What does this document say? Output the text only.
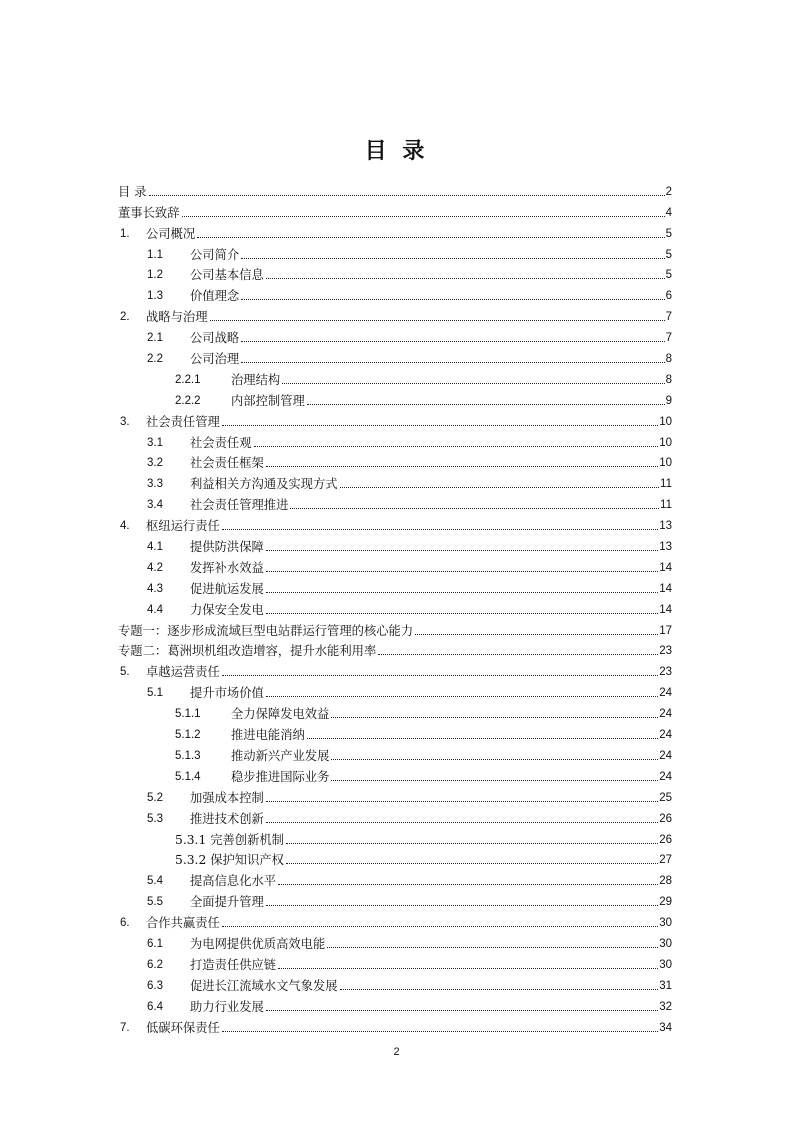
目 录
目 录	2
董事长致辞	4
1. 公司概况	5
1.1 公司简介	5
1.2 公司基本信息	5
1.3 价值理念	6
2. 战略与治理	7
2.1 公司战略	7
2.2 公司治理	8
2.2.1 治理结构	8
2.2.2 内部控制管理	9
3. 社会责任管理	10
3.1 社会责任观	10
3.2 社会责任框架	10
3.3 利益相关方沟通及实现方式	11
3.4 社会责任管理推进	11
4. 枢纽运行责任	13
4.1 提供防洪保障	13
4.2 发挥补水效益	14
4.3 促进航运发展	14
4.4 力保安全发电	14
专题一：逐步形成流域巨型电站群运行管理的核心能力	17
专题二：葛洲坝机组改造增容，提升水能利用率	23
5. 卓越运营责任	23
5.1 提升市场价值	24
5.1.1 全力保障发电效益	24
5.1.2 推进电能消纳	24
5.1.3 推动新兴产业发展	24
5.1.4 稳步推进国际业务	24
5.2 加强成本控制	25
5.3 推进技术创新	26
5.3.1 完善创新机制	26
5.3.2 保护知识产权	27
5.4 提高信息化水平	28
5.5 全面提升管理	29
6. 合作共赢责任	30
6.1 为电网提供优质高效电能	30
6.2 打造责任供应链	30
6.3 促进长江流域水文气象发展	31
6.4 助力行业发展	32
7. 低碳环保责任	34
2
